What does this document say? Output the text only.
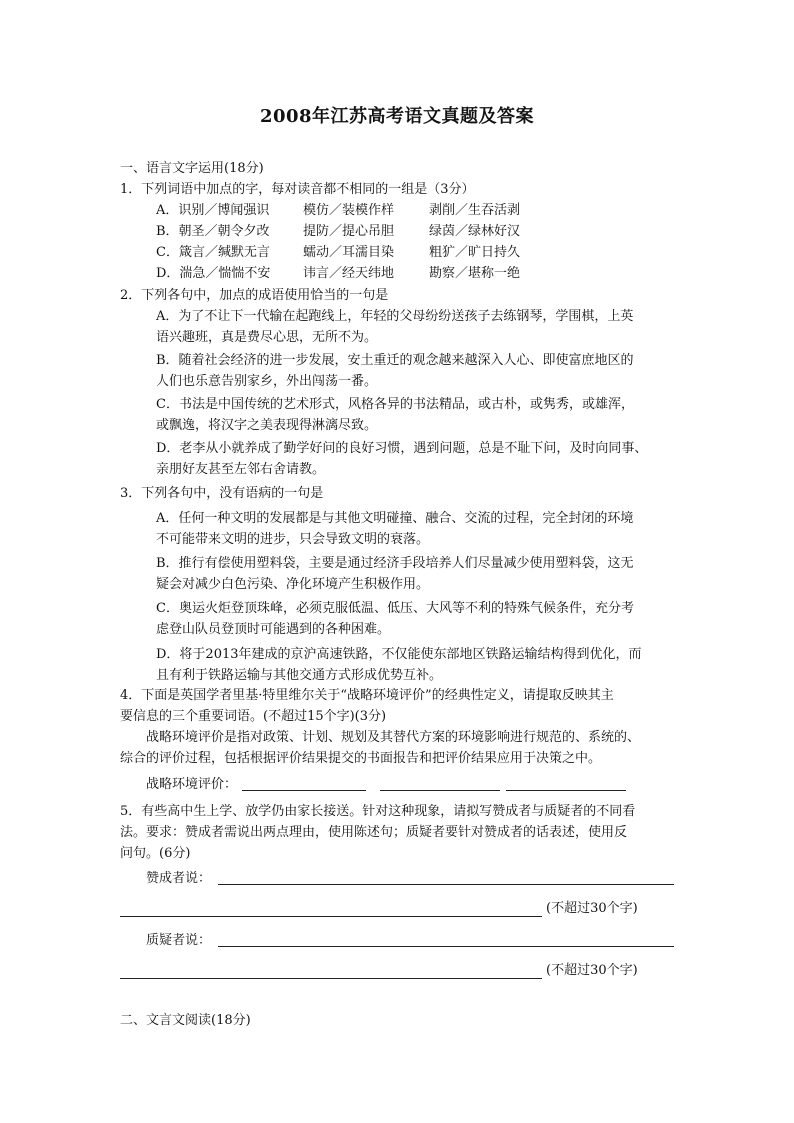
2008年江苏高考语文真题及答案
一、语言文字运用(18分)
1．下列词语中加点的字，每对读音都不相同的一组是（3分）
A．识别／博闻强识	模仿／装模作样	剥削／生吞活剥
B．朝圣／朝令夕改	提防／提心吊胆	绿茵／绿林好汉
C．箴言／缄默无言	蠕动／耳濡目染	粗犷／旷日持久
D．湍急／惴惴不安	讳言／经天纬地	勘察／堪称一绝
2．下列各句中，加点的成语使用恰当的一句是
A．为了不让下一代输在起跑线上，年轻的父母纷纷送孩子去练钢琴，学围棋，上英
语兴趣班，真是费尽心思，无所不为。
B．随着社会经济的进一步发展，安土重迁的观念越来越深入人心、即使富庶地区的
人们也乐意告别家乡，外出闯荡一番。
C．书法是中国传统的艺术形式，风格各异的书法精品，或古朴，或隽秀，或雄浑，
或飘逸，将汉字之美表现得淋漓尽致。
D．老李从小就养成了勤学好问的良好习惯，遇到问题，总是不耻下问，及时向同事、
亲朋好友甚至左邻右舍请教。
3．下列各句中，没有语病的一句是
A．任何一种文明的发展都是与其他文明碰撞、融合、交流的过程，完全封闭的环境
不可能带来文明的进步，只会导致文明的衰落。
B．推行有偿使用塑料袋，主要是通过经济手段培养人们尽量减少使用塑料袋，这无
疑会对减少白色污染、净化环境产生积极作用。
C．奥运火炬登顶珠峰，必须克服低温、低压、大风等不利的特殊气候条件，充分考
虑登山队员登顶时可能遇到的各种困难。
D．将于2013年建成的京沪高速铁路，不仅能使东部地区铁路运输结构得到优化，而
且有利于铁路运输与其他交通方式形成优势互补。
4．下面是英国学者里基·特里维尔关于“战略环境评价”的经典性定义，请提取反映其主
要信息的三个重要词语。(不超过15个字)(3分)
战略环境评价是指对政策、计划、规划及其替代方案的环境影响进行规范的、系统的、
综合的评价过程，包括根据评价结果提交的书面报告和把评价结果应用于决策之中。
战略环境评价：
5．有些高中生上学、放学仍由家长接送。针对这种现象，请拟写赞成者与质疑者的不同看
法。要求：赞成者需说出两点理由，使用陈述句；质疑者要针对赞成者的话表述，使用反
问句。(6分)
赞成者说：
(不超过30个字)
质疑者说：
(不超过30个字)
二、文言文阅读(18分)
